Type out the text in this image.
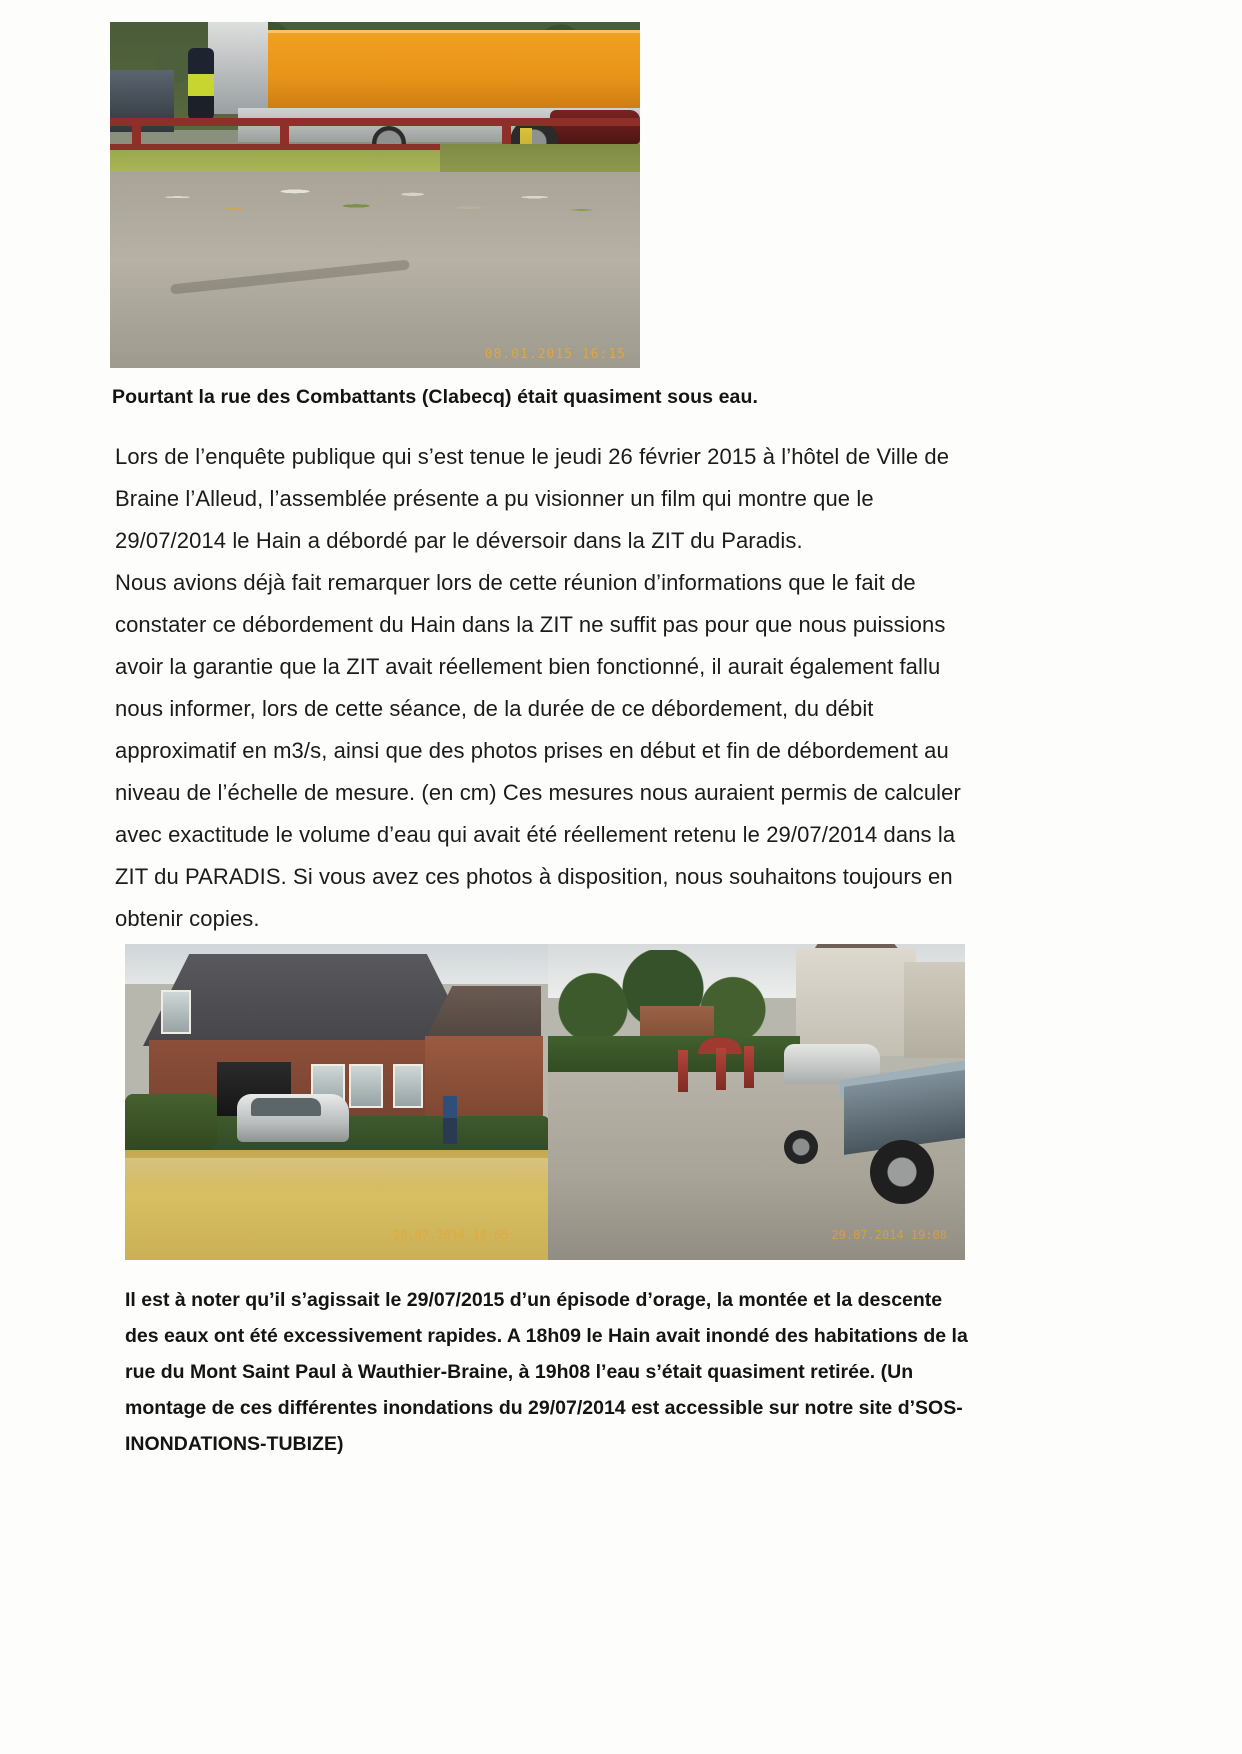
08.01.2015 16:15
Pourtant la rue des Combattants (Clabecq) était quasiment sous eau.
Lors de l’enquête publique qui s’est tenue le jeudi 26 février 2015 à l’hôtel de Ville de Braine l’Alleud, l’assemblée présente a pu visionner un film qui montre que le 29/07/2014 le Hain a débordé par le déversoir dans la ZIT du Paradis.
Nous avions déjà fait remarquer lors de cette réunion d’informations que le fait de constater ce débordement du Hain dans la ZIT ne suffit pas pour que nous puissions avoir la garantie que la ZIT avait réellement bien fonctionné, il aurait également fallu nous informer, lors de cette séance, de la durée de ce débordement, du débit approximatif en m3/s, ainsi que des photos prises en début et fin de débordement au niveau de l’échelle de mesure. (en cm) Ces mesures nous auraient permis de calculer avec exactitude le volume d’eau qui avait été réellement retenu le 29/07/2014 dans la ZIT du PARADIS. Si vous avez ces photos à disposition, nous souhaitons toujours en obtenir copies.
29.07.2014 18:05	29.07.2014 19:08
Il est à noter qu’il s’agissait le 29/07/2015 d’un épisode d’orage, la montée et la descente des eaux ont été excessivement rapides. A 18h09 le Hain avait inondé des habitations de la rue du Mont Saint Paul à Wauthier-Braine, à 19h08 l’eau s’était quasiment retirée. (Un montage de ces différentes inondations du 29/07/2014 est accessible sur notre site d’SOS-INONDATIONS-TUBIZE)
